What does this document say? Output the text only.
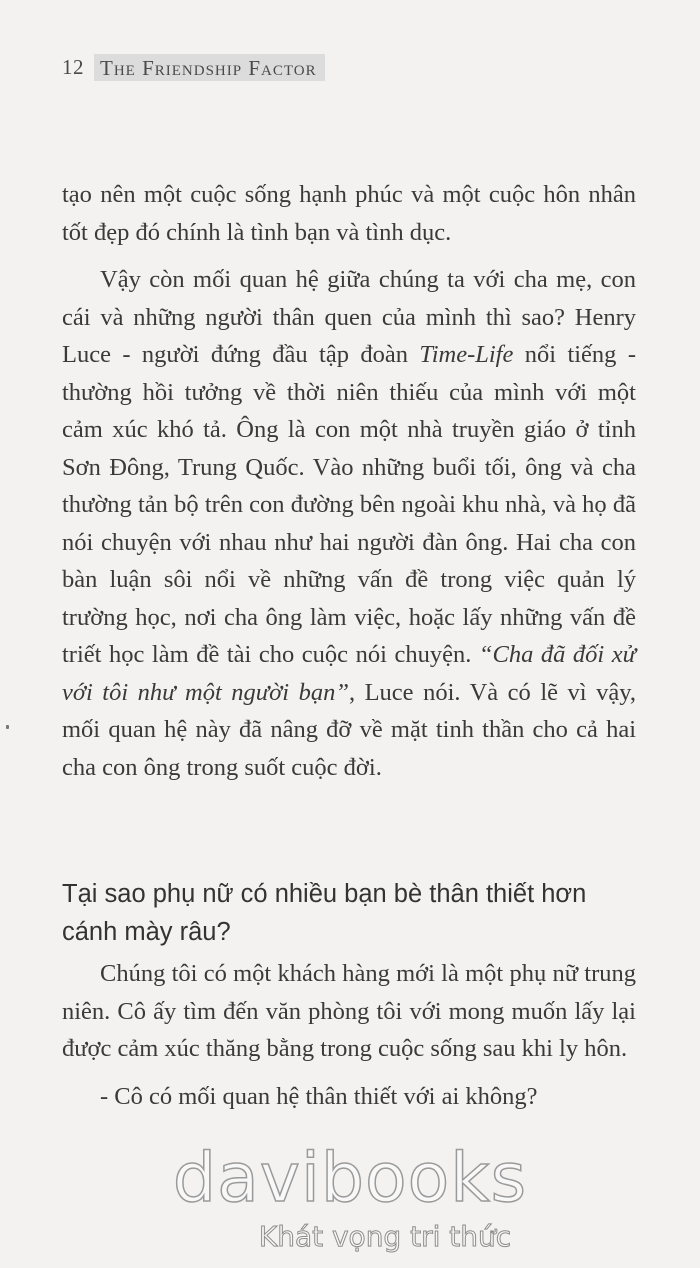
12 The Friendship Factor

tạo nên một cuộc sống hạnh phúc và một cuộc hôn nhân tốt đẹp đó chính là tình bạn và tình dục.

Vậy còn mối quan hệ giữa chúng ta với cha mẹ, con cái và những người thân quen của mình thì sao? Henry Luce - người đứng đầu tập đoàn Time-Life nổi tiếng - thường hồi tưởng về thời niên thiếu của mình với một cảm xúc khó tả. Ông là con một nhà truyền giáo ở tỉnh Sơn Đông, Trung Quốc. Vào những buổi tối, ông và cha thường tản bộ trên con đường bên ngoài khu nhà, và họ đã nói chuyện với nhau như hai người đàn ông. Hai cha con bàn luận sôi nổi về những vấn đề trong việc quản lý trường học, nơi cha ông làm việc, hoặc lấy những vấn đề triết học làm đề tài cho cuộc nói chuyện. “Cha đã đối xử với tôi như một người bạn”, Luce nói. Và có lẽ vì vậy, mối quan hệ này đã nâng đỡ về mặt tinh thần cho cả hai cha con ông trong suốt cuộc đời.

Tại sao phụ nữ có nhiều bạn bè thân thiết hơn cánh mày râu?

Chúng tôi có một khách hàng mới là một phụ nữ trung niên. Cô ấy tìm đến văn phòng tôi với mong muốn lấy lại được cảm xúc thăng bằng trong cuộc sống sau khi ly hôn.

- Cô có mối quan hệ thân thiết với ai không?

davibooks
Khát vọng tri thức
